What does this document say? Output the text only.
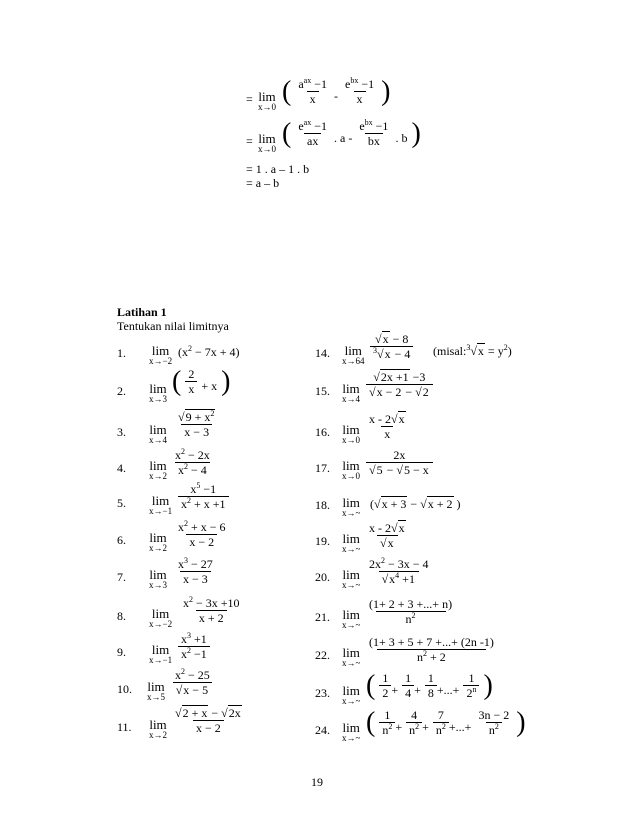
= lim
x→0 ( $\frac{a^{ax} -1}{x} - \frac{e^{bx} -1}{x}$ )
= lim
x→0 ( $\frac{e^{ax} -1}{ax}$ . a - $\frac{e^{bx} -1}{bx}$ . b )
= 1 . a – 1 . b
= a – b
Latihan 1
Tentukan nilai limitnya
1. lim
x→−2
$(x^2 - 7x + 4)$
2. lim
x→3
( $\frac{2}{x} + x$ )
3. lim
x→4
$\frac{√9 + x^2}{x - 3}$
4. lim
$x\to 2 \frac{x^2 - 2x}{x^2 - 4}$
5. lim
$x\to-1 \frac{x^5 -1}{x^2 + x +1}$
6. lim
$x\to 2 \frac{x^2 + x - 6}{x - 2}$
7. lim
$x\to 3 \frac{x^3 - 27}{x - 3}$
8. lim
$x\to-2 \frac{x^2 - 3x +10}{x + 2}$
9. lim
$x\to-1 \frac{x^3 +1}{x^2 -1}$
10. lim
$x\to 5 \frac{x^2 - 25}{√x - 5}$
11. lim
$x\to 2 \frac{√2 + x - √2x}{x - 2}$
14. lim
$x\to 64 \frac{√x - 8}{^3√x - 4}$ (misal:$^3$√x = $y^2$)
15. lim
$x\to 4 \frac{√2x +1 -3}{√x - 2 - √2}$
16. lim
$x\to 0 \frac{x - 2√x}{x}$
17. lim
$x\to 0 \frac{2x}{√5 - √5 - x}$
18. lim
x→~
(√x + 3 − √x + 2 )
19. lim
x→~ $\frac{x - 2√x}{√x}$
20. lim
x→~ $\frac{2x^2 - 3x - 4}{√x^4 +1}$
21. lim
x→~ $\frac{(1+ 2 + 3 +...+ n)}{n^2}$
22. lim
x→~ $\frac{(1+ 3 + 5 + 7 +...+ (2n -1)}{n^2 + 2}$
23. lim
x→~ ( $\frac{1}{2} + \frac{1}{4} + \frac{1}{8}$ +...+ $\frac{1}{2^n}$ )
24. lim
x→~ ( $\frac{1}{n^2} + \frac{4}{n^2} + \frac{7}{n^2}$ +...+ $\frac{3n - 2}{n^2}$ )
19
